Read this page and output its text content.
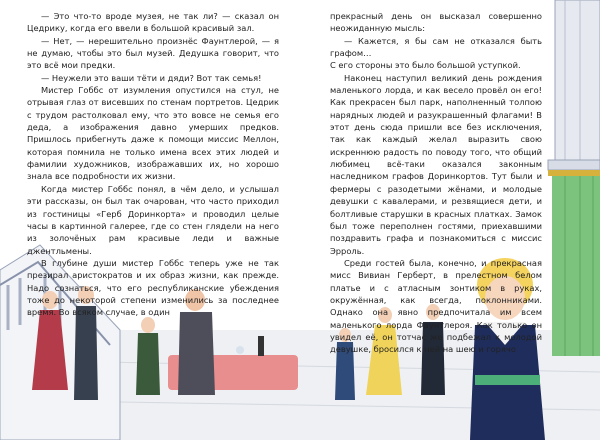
— Это что-то вроде музея, не так ли? — сказал он Цедрику, когда его ввели в большой красивый зал.

— Нет, — нерешительно произнёс Фаунтлерой, — я не думаю, чтобы это был музей. Дедушка говорит, что это всё мои предки.

— Неужели это ваши тёти и дяди? Вот так семья!

Мистер Гоббс от изумления опустился на стул, не отрывая глаз от висевших по стенам портретов. Цедрик с трудом растолковал ему, что это вовсе не семья его деда, а изображения давно умерших предков. Пришлось прибегнуть даже к помощи миссис Меллон, которая помнила не только имена всех этих людей и фамилии художников, изображавших их, но хорошо знала все подробности их жизни.

Когда мистер Гоббс понял, в чём дело, и услышал эти рассказы, он был так очарован, что часто приходил из гостиницы «Герб Доринкорта» и проводил целые часы в картинной галерее, где со стен глядели на него из золочёных рам красивые леди и важные джентльмены.

В глубине души мистер Гоббс теперь уже не так презирал аристократов и их образ жизни, как прежде. Надо сознаться, что его республиканские убеждения тоже до некоторой степени изменились за последнее время. Во всяком случае, в один

прекрасный день он высказал совершенно неожиданную мысль:

— Кажется, я бы сам не отказался быть графом…

С его стороны это было большой уступкой.

Наконец наступил великий день рождения маленького лорда, и как весело провёл он его! Как прекрасен был парк, наполненный толпою нарядных людей и разукрашенный флагами! В этот день сюда пришли все без исключения, так как каждый желал выразить свою искреннюю радость по поводу того, что общий любимец всё-таки оказался законным наследником графов Доринкортов. Тут были и фермеры с разодетыми жёнами, и молодые девушки с кавалерами, и резвящиеся дети, и болтливые старушки в красных платках. Замок был тоже переполнен гостями, приехавшими поздравить графа и познакомиться с миссис Эрроль.

Среди гостей была, конечно, и прекрасная мисс Вивиан Герберт, в прелестном белом платье и с атласным зонтиком в руках, окружённая, как всегда, поклонниками. Однако она явно предпочитала им всем маленького лорда Фаунтлероя. Как только он увидел её, он тотчас же подбежал к молодой девушке, бросился к ней на шею и горячо
